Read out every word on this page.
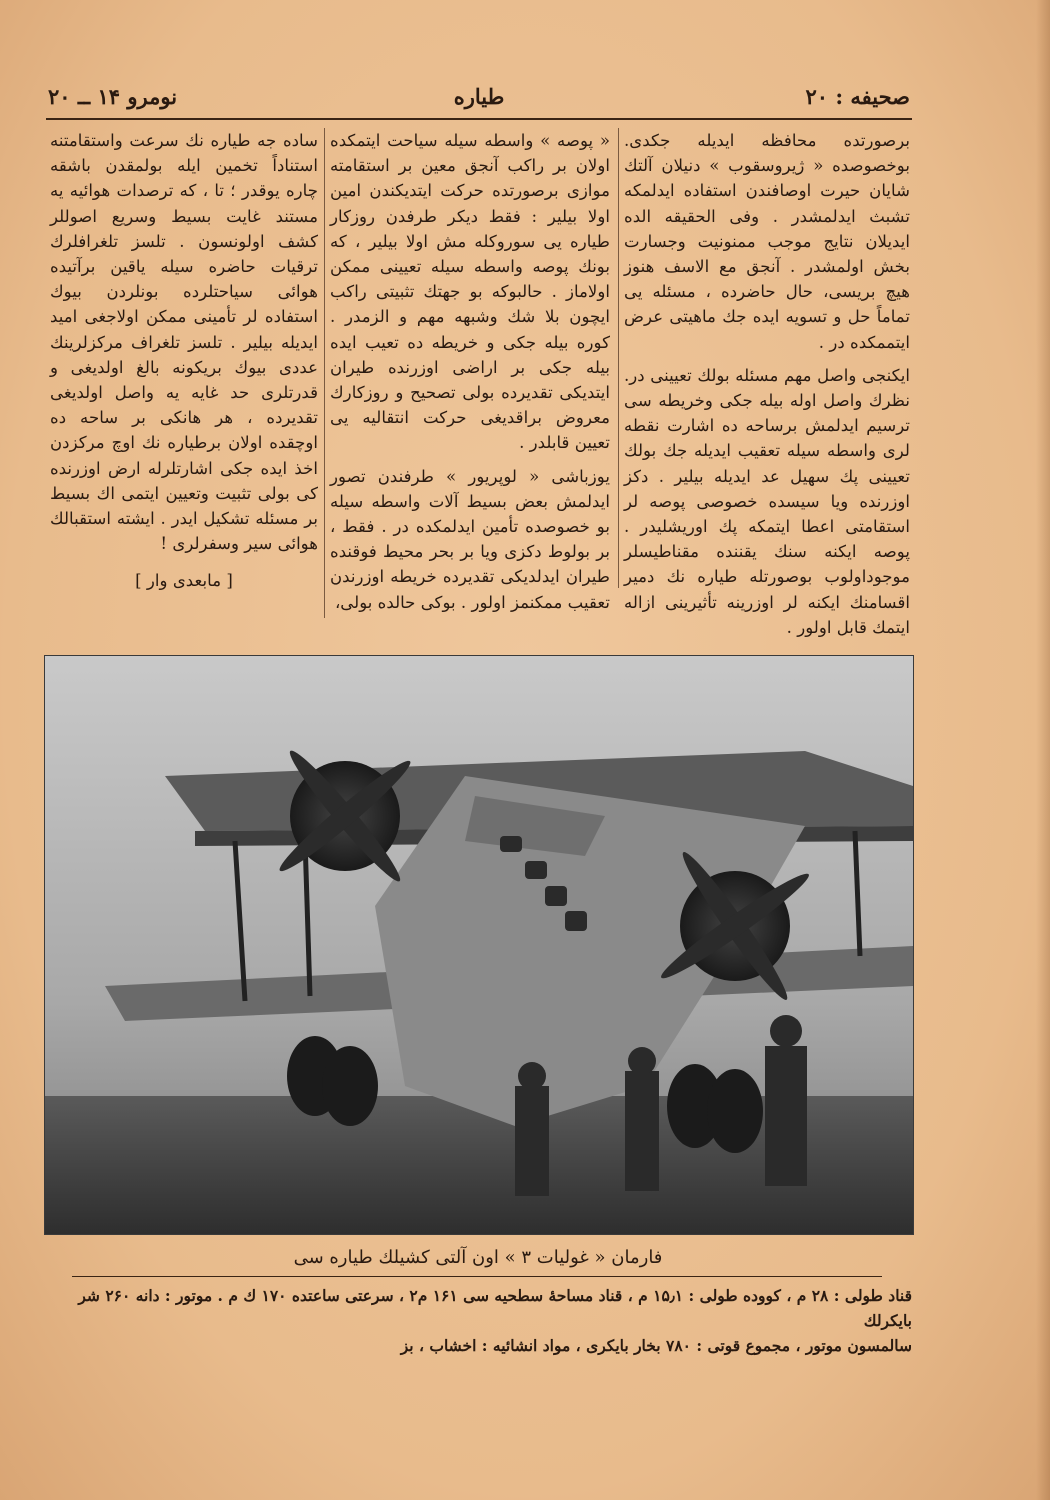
صحیفه : ۲۰
طیاره
نومرو ۱۴ ــ ۲۰

برصورتده محافظه ایدیله جکدی. بوخصوصده « ژیروسقوب » دنیلان آلتك شایان حیرت اوصافندن استفاده ایدلمکه تشبث ایدلمشدر . وفی الحقیقه الده ایدیلان نتایج موجب ممنونیت وجسارت بخش اولمشدر . آنجق مع الاسف هنوز هیچ بریسی، حال حاضرده ، مسئله یی تماماً حل و تسویه ایده جك ماهیتی عرض ایتممکده در .

ایکنجی واصل مهم مسئله بولك تعیینی در. نظرك واصل اوله بیله جکی وخریطه سی ترسیم ایدلمش برساحه ده اشارت نقطه لری واسطه سیله تعقیب ایدیله جك بولك تعیینی پك سهیل عد ایدیله بیلیر . دکز اوزرنده ویا سیسده خصوصی پوصه لر استقامتی اعطا ایتمکه پك اوریشلیدر . پوصه ایکنه سنك یقننده مقناطیسلر موجوداولوب بوصورتله طیاره نك دمیر اقسامنك ایکنه لر اوزرینه تأثیرینی ازاله ایتمك قابل اولور .

« پوصه » واسطه سیله سیاحت ایتمکده اولان بر راکب آنجق معین بر استقامته موازی برصورتده حرکت ایتدیکندن امین اولا بیلیر : فقط دیکر طرفدن روزکار طیاره یی سوروکله مش اولا بیلیر ، که بونك پوصه واسطه سیله تعیینی ممکن اولاماز . حالبوکه بو جهتك تثبیتی راکب ایچون بلا شك وشبهه مهم و الزمدر . کوره بیله جکی و خریطه ده تعیب ایده بیله جکی بر اراضی اوزرنده طیران ایتدیکی تقدیرده بولی تصحیح و روزکارك معروض براقدیغی حرکت انتقالیه یی تعیین قابلدر .

یوزباشی « لوپریور » طرفندن تصور ایدلمش بعض بسیط آلات واسطه سیله بو خصوصده تأمین ایدلمکده در . فقط ، بر بولوط دکزی ویا بر بحر محیط فوقنده طیران ایدلدیکی تقدیرده خریطه اوزرندن تعقیب ممکنمز اولور . بوکی حالده بولی،

ساده جه طیاره نك سرعت واستقامتنه استناداً تخمین ایله بولمقدن باشقه چاره یوقدر ؛ تا ، که ترصدات هوائیه یه مستند غایت بسیط وسریع اصوللر کشف اولونسون . تلسز تلغرافلرك ترقیات حاضره سیله یاقین برآتیده هوائی سیاحتلرده بونلردن بیوك استفاده لر تأمینی ممکن اولاجغی امید ایدیله بیلیر . تلسز تلغراف مرکزلرینك عددی بیوك بریکونه بالغ اولدیغی و قدرتلری حد غایه یه واصل اولدیغی تقدیرده ، هر هانکی بر ساحه ده اوچقده اولان برطیاره نك اوچ مرکزدن اخذ ایده جکی اشارتلرله ارض اوزرنده کی بولی تثبیت وتعیین ایتمی اك بسیط بر مسئله تشکیل ایدر . ایشته استقبالك هوائی سیر وسفرلری !

[ مابعدی وار ]
فارمان « غولیات ۳ » اون آلتی کشیلك طیاره سی
قناد طولی : ۲۸ م ، کووده طولی : ۱۵٫۱ م ، قناد مساحهٔ سطحیه سی ۱۶۱ م۲ ، سرعتی ساعتده ۱۷۰ ك م . موتور : دانه ۲۶۰ شر بایکرلك
سالمسون موتور ، مجموع قوتی : ۷۸۰ بخار بایکری ، مواد انشائیه : اخشاب ، بز
